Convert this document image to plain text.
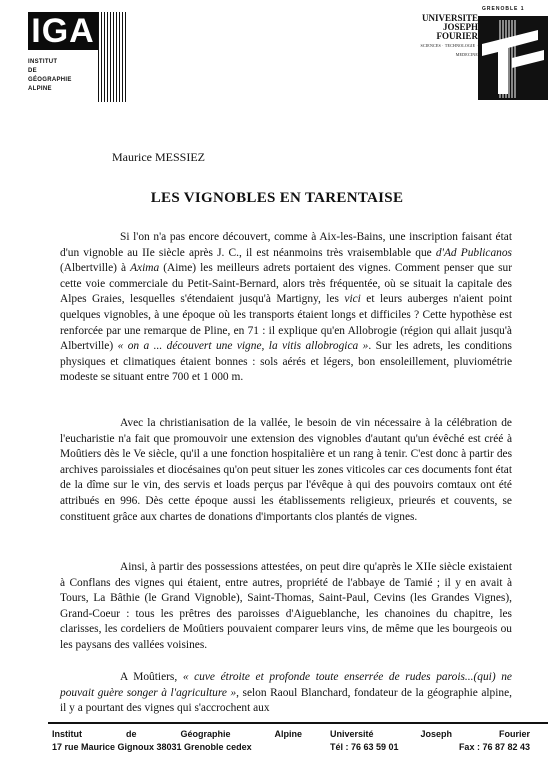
IGA
INSTITUT
DE
GÉOGRAPHIE
ALPINE
GRENOBLE 1
UNIVERSITE
JOSEPH FOURIER
SCIENCES · TECHNOLOGIE · MEDECINE
Maurice MESSIEZ
LES VIGNOBLES EN TARENTAISE

Si l'on n'a pas encore découvert, comme à Aix-les-Bains, une inscription faisant état d'un vignoble au IIe siècle après J. C., il est néanmoins très vraisemblable que d'Ad Publicanos (Albertville) à Axima (Aime) les meilleurs adrets portaient des vignes. Comment penser que sur cette voie commerciale du Petit-Saint-Bernard, alors très fréquentée, où se situait la capitale des Alpes Graies, lesquelles s'étendaient jusqu'à Martigny, les vici et leurs auberges n'aient point quelques vignobles, à une époque où les transports étaient longs et difficiles ? Cette hypothèse est renforcée par une remarque de Pline, en 71 : il explique qu'en Allobrogie (région qui allait jusqu'à Albertville) « on a ... découvert une vigne, la vitis allobrogica ». Sur les adrets, les conditions physiques et climatiques étaient bonnes : sols aérés et légers, bon ensoleillement, pluviométrie modeste se situant entre 700 et 1 000 m.

Avec la christianisation de la vallée, le besoin de vin nécessaire à la célébration de l'eucharistie n'a fait que promouvoir une extension des vignobles d'autant qu'un évêché est créé à Moûtiers dès le Ve siècle, qu'il a une fonction hospitalière et un rang à tenir. C'est donc à partir des archives paroissiales et diocésaines qu'on peut situer les zones viticoles car ces documents font état de la dîme sur le vin, des servis et loads perçus par l'évêque à qui des pouvoirs comtaux ont été attribués en 996. Dès cette époque aussi les établissements religieux, prieurés et couvents, se constituent grâce aux chartes de donations d'importants clos plantés de vignes.

Ainsi, à partir des possessions attestées, on peut dire qu'après le XIIe siècle existaient à Conflans des vignes qui étaient, entre autres, propriété de l'abbaye de Tamié ; il y en avait à Tours, La Bâthie (le Grand Vignoble), Saint-Thomas, Saint-Paul, Cevins (les Grandes Vignes), Grand-Coeur : tous les prêtres des paroisses d'Aigueblanche, les chanoines du chapitre, les clarisses, les cordeliers de Moûtiers pouvaient comparer leurs vins, de même que les bourgeois ou les paysans des vallées voisines.

A Moûtiers, « cuve étroite et profonde toute enserrée de rudes parois...(qui) ne pouvait guère songer à l'agriculture », selon Raoul Blanchard, fondateur de la géographie alpine, il y a pourtant des vignes qui s'accrochent aux

Institut	de	Géographie	Alpine
17 rue Maurice Gignoux 38031 Grenoble cedex
Université	Joseph	Fourier
Tél : 76 63 59 01	Fax : 76 87 82 43
